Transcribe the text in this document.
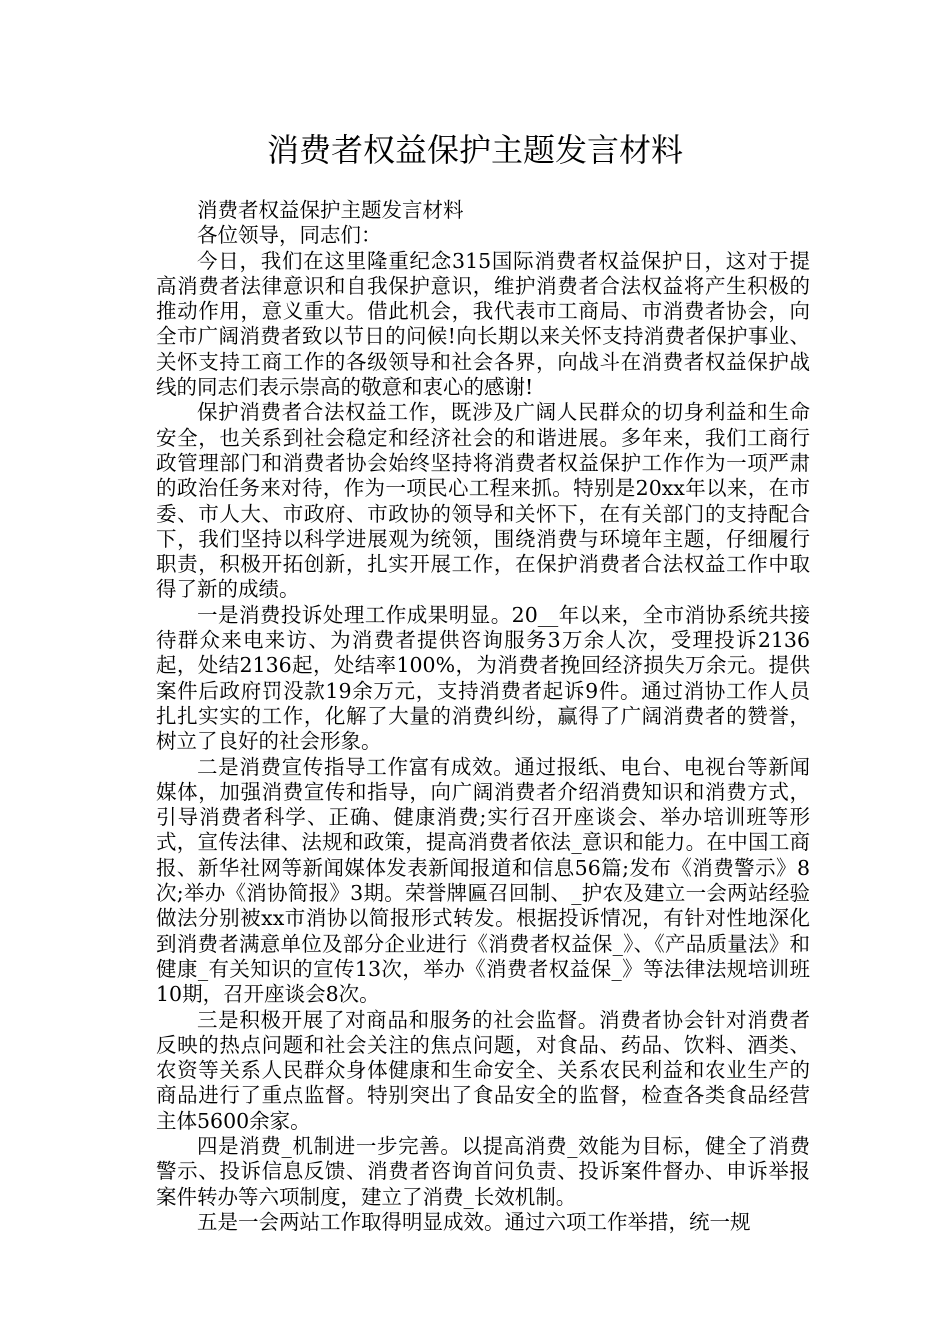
消费者权益保护主题发言材料

消费者权益保护主题发言材料

各位领导，同志们：

今日，我们在这里隆重纪念315国际消费者权益保护日，这对于提高消费者法律意识和自我保护意识，维护消费者合法权益将产生积极的推动作用，意义重大。借此机会，我代表市工商局、市消费者协会，向全市广阔消费者致以节日的问候!向长期以来关怀支持消费者保护事业、关怀支持工商工作的各级领导和社会各界，向战斗在消费者权益保护战线的同志们表示崇高的敬意和衷心的感谢!

保护消费者合法权益工作，既涉及广阔人民群众的切身利益和生命安全，也关系到社会稳定和经济社会的和谐进展。多年来，我们工商行政管理部门和消费者协会始终坚持将消费者权益保护工作作为一项严肃的政治任务来对待，作为一项民心工程来抓。特别是20xx年以来，在市委、市人大、市政府、市政协的领导和关怀下，在有关部门的支持配合下，我们坚持以科学进展观为统领，围绕消费与环境年主题，仔细履行职责，积极开拓创新，扎实开展工作，在保护消费者合法权益工作中取得了新的成绩。

一是消费投诉处理工作成果明显。20__年以来，全市消协系统共接待群众来电来访、为消费者提供咨询服务3万余人次，受理投诉2136起，处结2136起，处结率100%，为消费者挽回经济损失万余元。提供案件后政府罚没款19余万元，支持消费者起诉9件。通过消协工作人员扎扎实实的工作，化解了大量的消费纠纷，赢得了广阔消费者的赞誉，树立了良好的社会形象。

二是消费宣传指导工作富有成效。通过报纸、电台、电视台等新闻媒体，加强消费宣传和指导，向广阔消费者介绍消费知识和消费方式，引导消费者科学、正确、健康消费;实行召开座谈会、举办培训班等形式，宣传法律、法规和政策，提高消费者依法_意识和能力。在中国工商报、新华社网等新闻媒体发表新闻报道和信息56篇;发布《消费警示》8次;举办《消协简报》3期。荣誉牌匾召回制、_护农及建立一会两站经验做法分别被xx市消协以简报形式转发。根据投诉情况，有针对性地深化到消费者满意单位及部分企业进行《消费者权益保_》、《产品质量法》和健康_有关知识的宣传13次，举办《消费者权益保_》等法律法规培训班10期，召开座谈会8次。

三是积极开展了对商品和服务的社会监督。消费者协会针对消费者反映的热点问题和社会关注的焦点问题，对食品、药品、饮料、酒类、农资等关系人民群众身体健康和生命安全、关系农民利益和农业生产的商品进行了重点监督。特别突出了食品安全的监督，检查各类食品经营主体5600余家。

四是消费_机制进一步完善。以提高消费_效能为目标，健全了消费警示、投诉信息反馈、消费者咨询首问负责、投诉案件督办、申诉举报案件转办等六项制度，建立了消费_长效机制。

五是一会两站工作取得明显成效。通过六项工作举措，统一规
